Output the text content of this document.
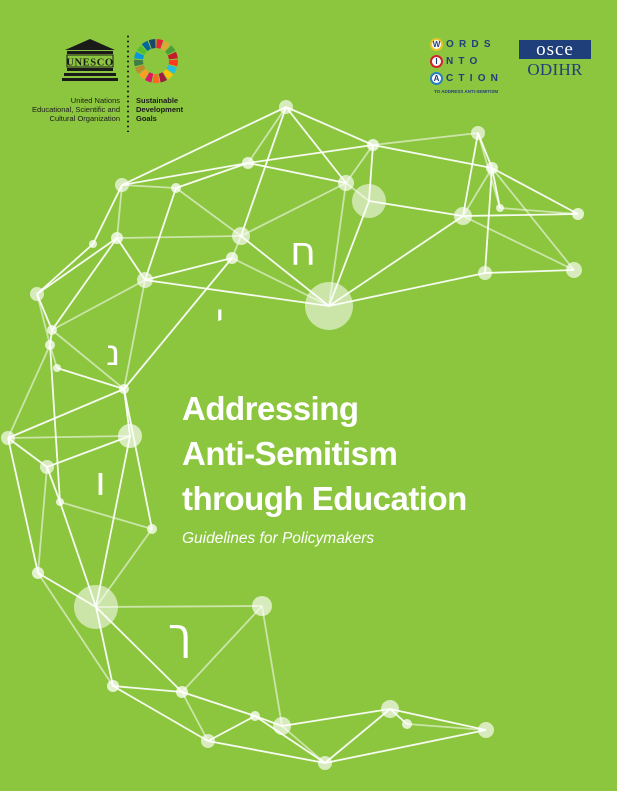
UNESCO
United Nations
Educational, Scientific and
Cultural Organization
Sustainable
Development
Goals
W ORDS
I NTO
A CTION
TO ADDRESS ANTI-SEMITISM
osce
ODIHR
ח
י
נ
ו
ך
Addressing
Anti-Semitism
through Education
Guidelines for Policymakers
